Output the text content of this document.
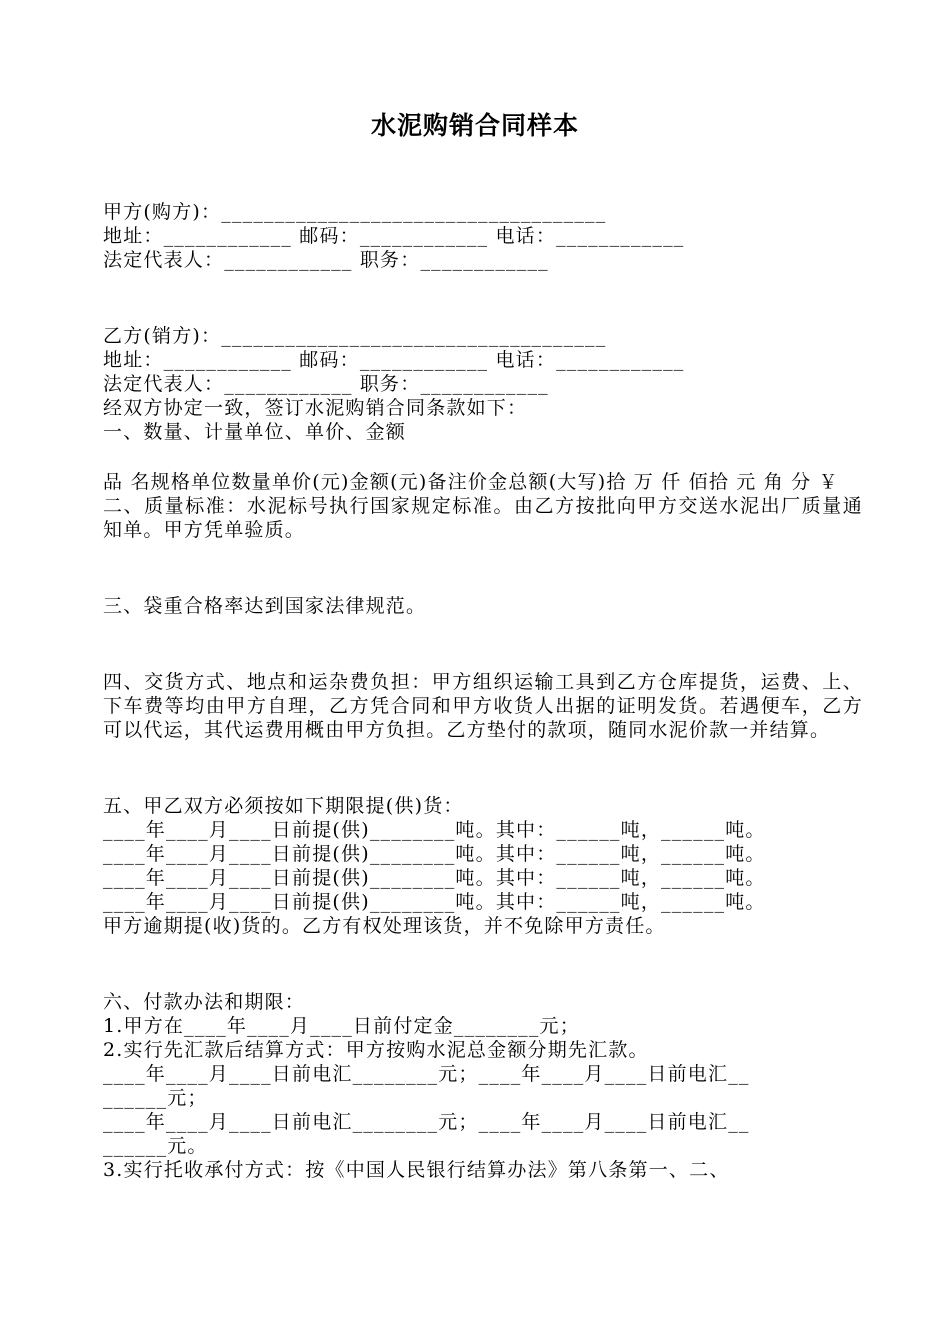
水泥购销合同样本
甲方(购方)：____________________________________
地址：____________ 邮码：____________ 电话：____________
法定代表人：____________ 职务：____________
乙方(销方)：____________________________________
地址：____________ 邮码：____________ 电话：____________
法定代表人：____________ 职务：____________
经双方协定一致，签订水泥购销合同条款如下：
一、数量、计量单位、单价、金额
品 名规格单位数量单价(元)金额(元)备注价金总额(大写)拾 万 仟 佰拾 元 角 分 ￥
二、质量标准：水泥标号执行国家规定标准。由乙方按批向甲方交送水泥出厂质量通知单。甲方凭单验质。
三、袋重合格率达到国家法律规范。
四、交货方式、地点和运杂费负担：甲方组织运输工具到乙方仓库提货，运费、上、下车费等均由甲方自理，乙方凭合同和甲方收货人出据的证明发货。若遇便车，乙方可以代运，其代运费用概由甲方负担。乙方垫付的款项，随同水泥价款一并结算。
五、甲乙双方必须按如下期限提(供)货：
____年____月____日前提(供)________吨。其中：______吨，______吨。
____年____月____日前提(供)________吨。其中：______吨，______吨。
____年____月____日前提(供)________吨。其中：______吨，______吨。
____年____月____日前提(供)________吨。其中：______吨，______吨。
甲方逾期提(收)货的。乙方有权处理该货，并不免除甲方责任。
六、付款办法和期限：
1.甲方在____年____月____日前付定金________元；
2.实行先汇款后结算方式：甲方按购水泥总金额分期先汇款。
____年____月____日前电汇________元；____年____月____日前电汇__
______元；
____年____月____日前电汇________元；____年____月____日前电汇__
______元。
3.实行托收承付方式：按《中国人民银行结算办法》第八条第一、二、
